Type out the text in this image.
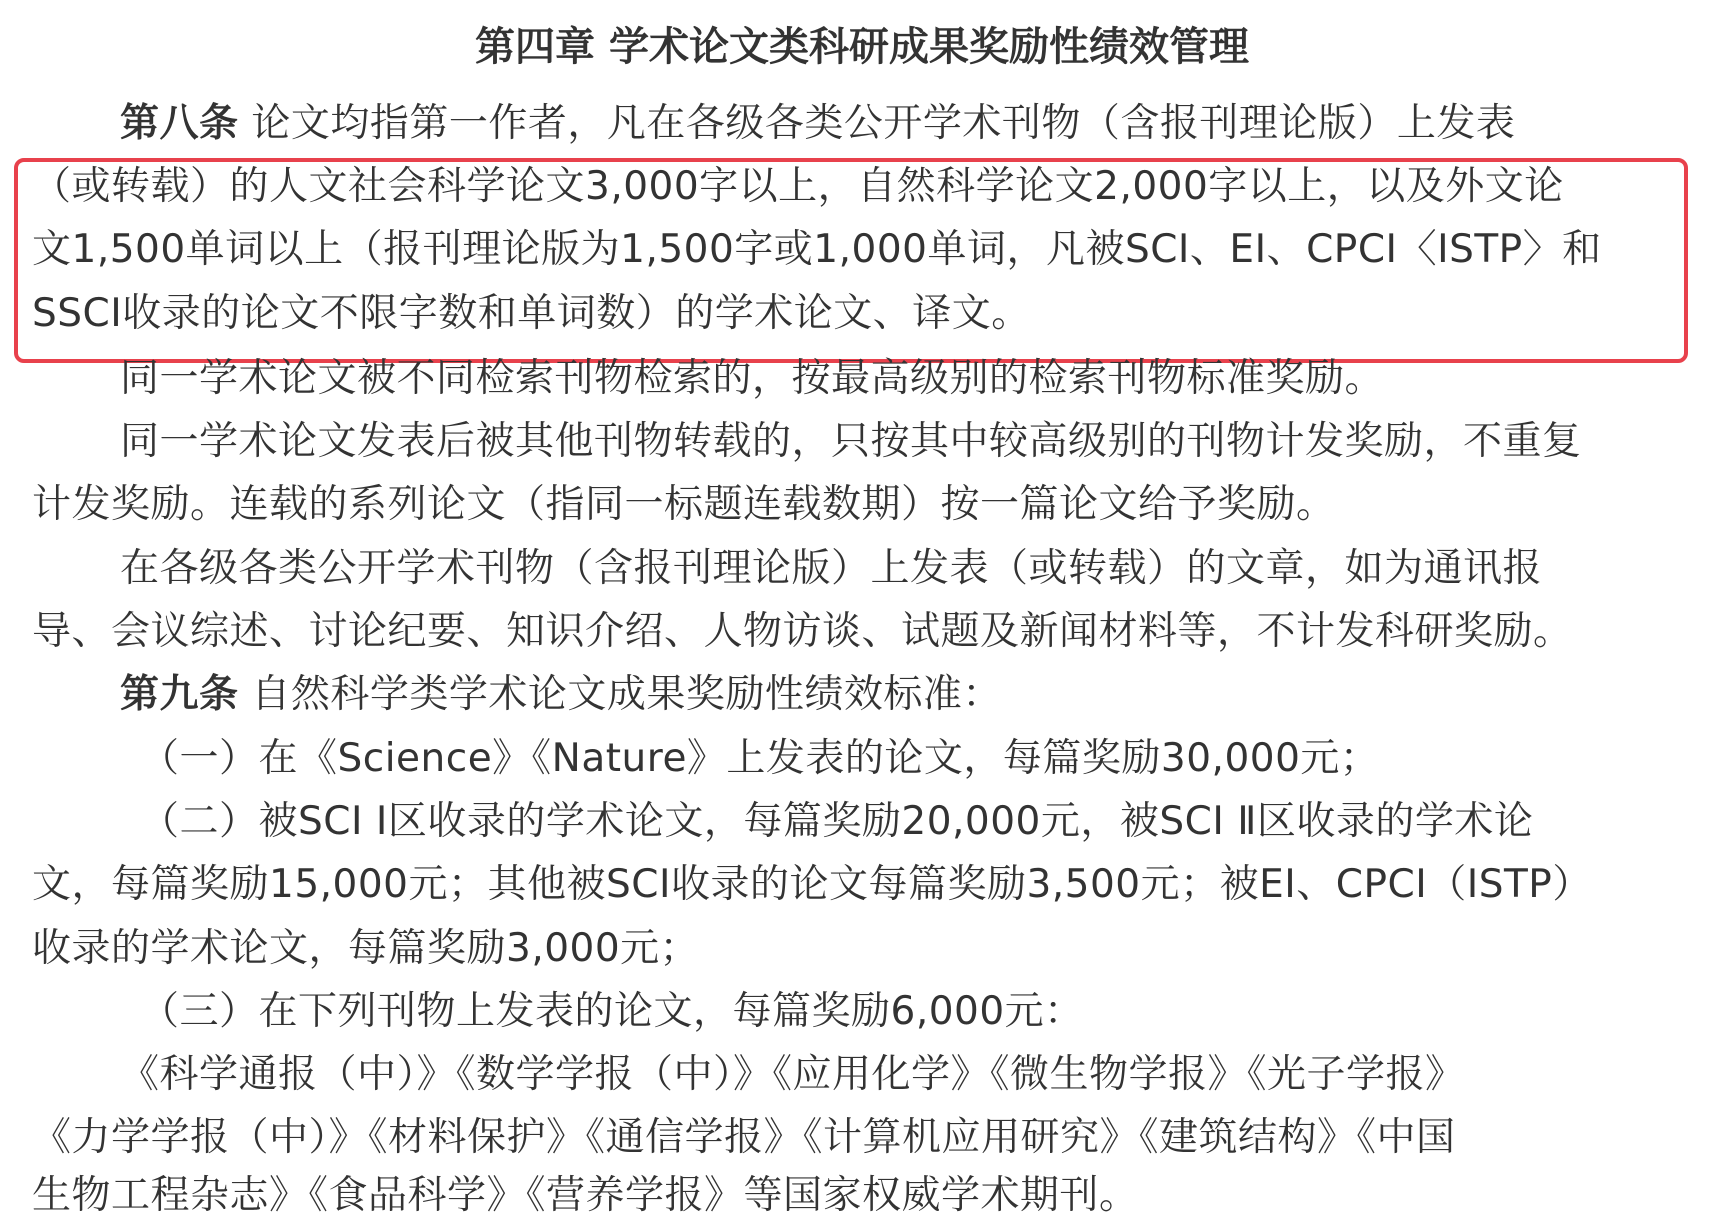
第四章 学术论文类科研成果奖励性绩效管理
第八条 论文均指第一作者，凡在各级各类公开学术刊物（含报刊理论版）上发表
（或转载）的人文社会科学论文3,000字以上，自然科学论文2,000字以上，以及外文论
文1,500单词以上（报刊理论版为1,500字或1,000单词，凡被SCI、EI、CPCI〈ISTP〉和
SSCI收录的论文不限字数和单词数）的学术论文、译文。
同一学术论文被不同检索刊物检索的，按最高级别的检索刊物标准奖励。
同一学术论文发表后被其他刊物转载的，只按其中较高级别的刊物计发奖励，不重复
计发奖励。连载的系列论文（指同一标题连载数期）按一篇论文给予奖励。
在各级各类公开学术刊物（含报刊理论版）上发表（或转载）的文章，如为通讯报
导、会议综述、讨论纪要、知识介绍、人物访谈、试题及新闻材料等，不计发科研奖励。
第九条 自然科学类学术论文成果奖励性绩效标准：
（一）在《Science》《Nature》上发表的论文，每篇奖励30,000元；
（二）被SCI Ⅰ区收录的学术论文，每篇奖励20,000元，被SCI Ⅱ区收录的学术论
文，每篇奖励15,000元；其他被SCI收录的论文每篇奖励3,500元；被EI、CPCI（ISTP）
收录的学术论文，每篇奖励3,000元；
（三）在下列刊物上发表的论文，每篇奖励6,000元：
《科学通报（中）》《数学学报（中）》《应用化学》《微生物学报》《光子学报》
《力学学报（中）》《材料保护》《通信学报》《计算机应用研究》《建筑结构》《中国
生物工程杂志》《食品科学》《营养学报》等国家权威学术期刊。
